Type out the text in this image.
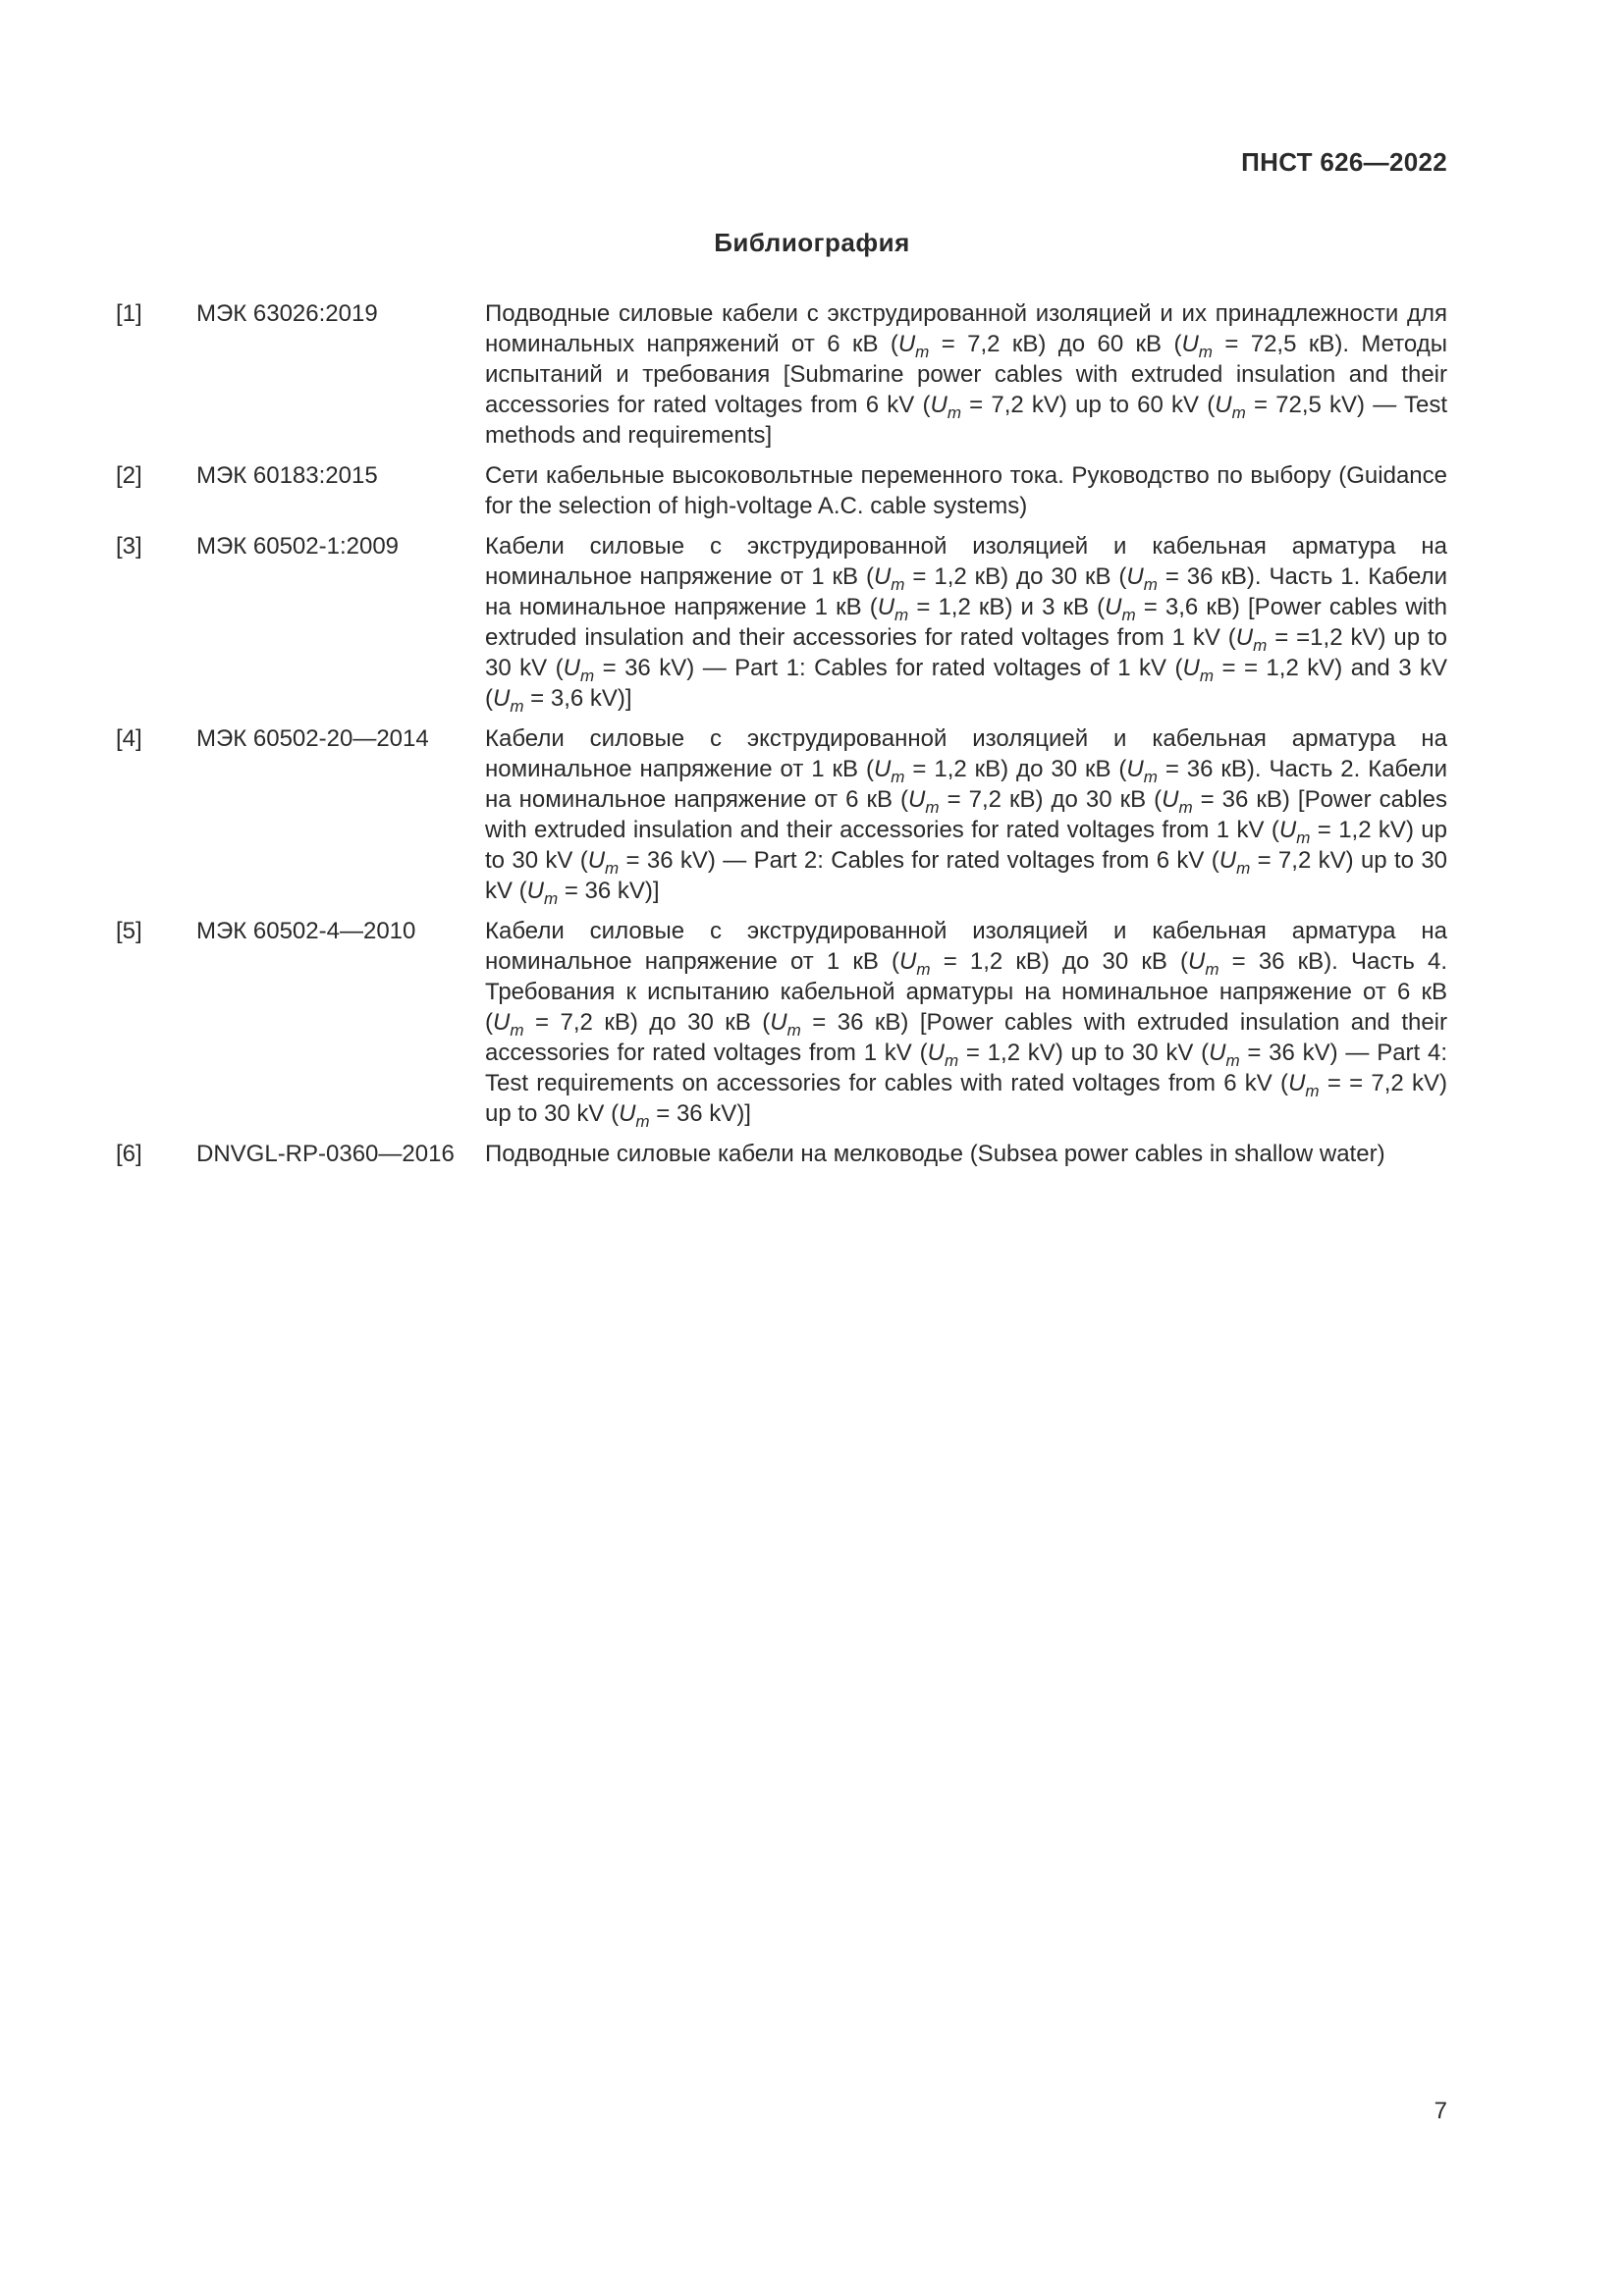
ПНСТ 626—2022
Библиография
[1]	МЭК 63026:2019	Подводные силовые кабели с экструдированной изоляцией и их принадлежности для номинальных напряжений от 6 кВ ($U_m = 7,2$ кВ) до 60 кВ ($U_m = 72,5$ кВ). Методы испытаний и требования [Submarine power cables with extruded insulation and their accessories for rated voltages from 6 kV ($U_m = 7,2$ kV) up to 60 kV ($U_m = 72,5$ kV) — Test methods and requirements]
[2]	МЭК 60183:2015	Сети кабельные высоковольтные переменного тока. Руководство по выбору (Guidance for the selection of high-voltage A.C. cable systems)
[3]	МЭК 60502-1:2009	Кабели силовые с экструдированной изоляцией и кабельная арматура на номинальное напряжение от 1 кВ ($U_m = 1,2$ кВ) до 30 кВ ($U_m = 36$ кВ). Часть 1. Кабели на номинальное напряжение 1 кВ ($U_m = 1,2$ кВ) и 3 кВ ($U_m = 3,6$ кВ) [Power cables with extruded insulation and their accessories for rated voltages from 1 kV ($U_m = =1,2$ kV) up to 30 kV ($U_m = 36$ kV) — Part 1: Cables for rated voltages of 1 kV ($U_m$ = = 1,2 kV) and 3 kV ($U_m = 3,6$ kV)]
[4]	МЭК 60502-20—2014	Кабели силовые с экструдированной изоляцией и кабельная арматура на номинальное напряжение от 1 кВ ($U_m = 1,2$ кВ) до 30 кВ ($U_m = 36$ кВ). Часть 2. Кабели на номинальное напряжение от 6 кВ ($U_m = 7,2$ кВ) до 30 кВ ($U_m = 36$ кВ) [Power cables with extruded insulation and their accessories for rated voltages from 1 kV ($U_m = 1,2$ kV) up to 30 kV ($U_m = 36$ kV) — Part 2: Cables for rated voltages from 6 kV ($U_m = 7,2$ kV) up to 30 kV ($U_m = 36$ kV)]
[5]	МЭК 60502-4—2010	Кабели силовые с экструдированной изоляцией и кабельная арматура на номинальное напряжение от 1 кВ ($U_m = 1,2$ кВ) до 30 кВ ($U_m = 36$ кВ). Часть 4. Требования к испытанию кабельной арматуры на номинальное напряжение от 6 кВ ($U_m = 7,2$ кВ) до 30 кВ ($U_m = 36$ кВ) [Power cables with extruded insulation and their accessories for rated voltages from 1 kV ($U_m = 1,2$ kV) up to 30 kV ($U_m = 36$ kV) — Part 4: Test requirements on accessories for cables with rated voltages from 6 kV ($U_m$ = = 7,2 kV) up to 30 kV ($U_m = 36$ kV)]
[6]	DNVGL-RP-0360—2016	Подводные силовые кабели на мелководье (Subsea power cables in shallow water)
7
